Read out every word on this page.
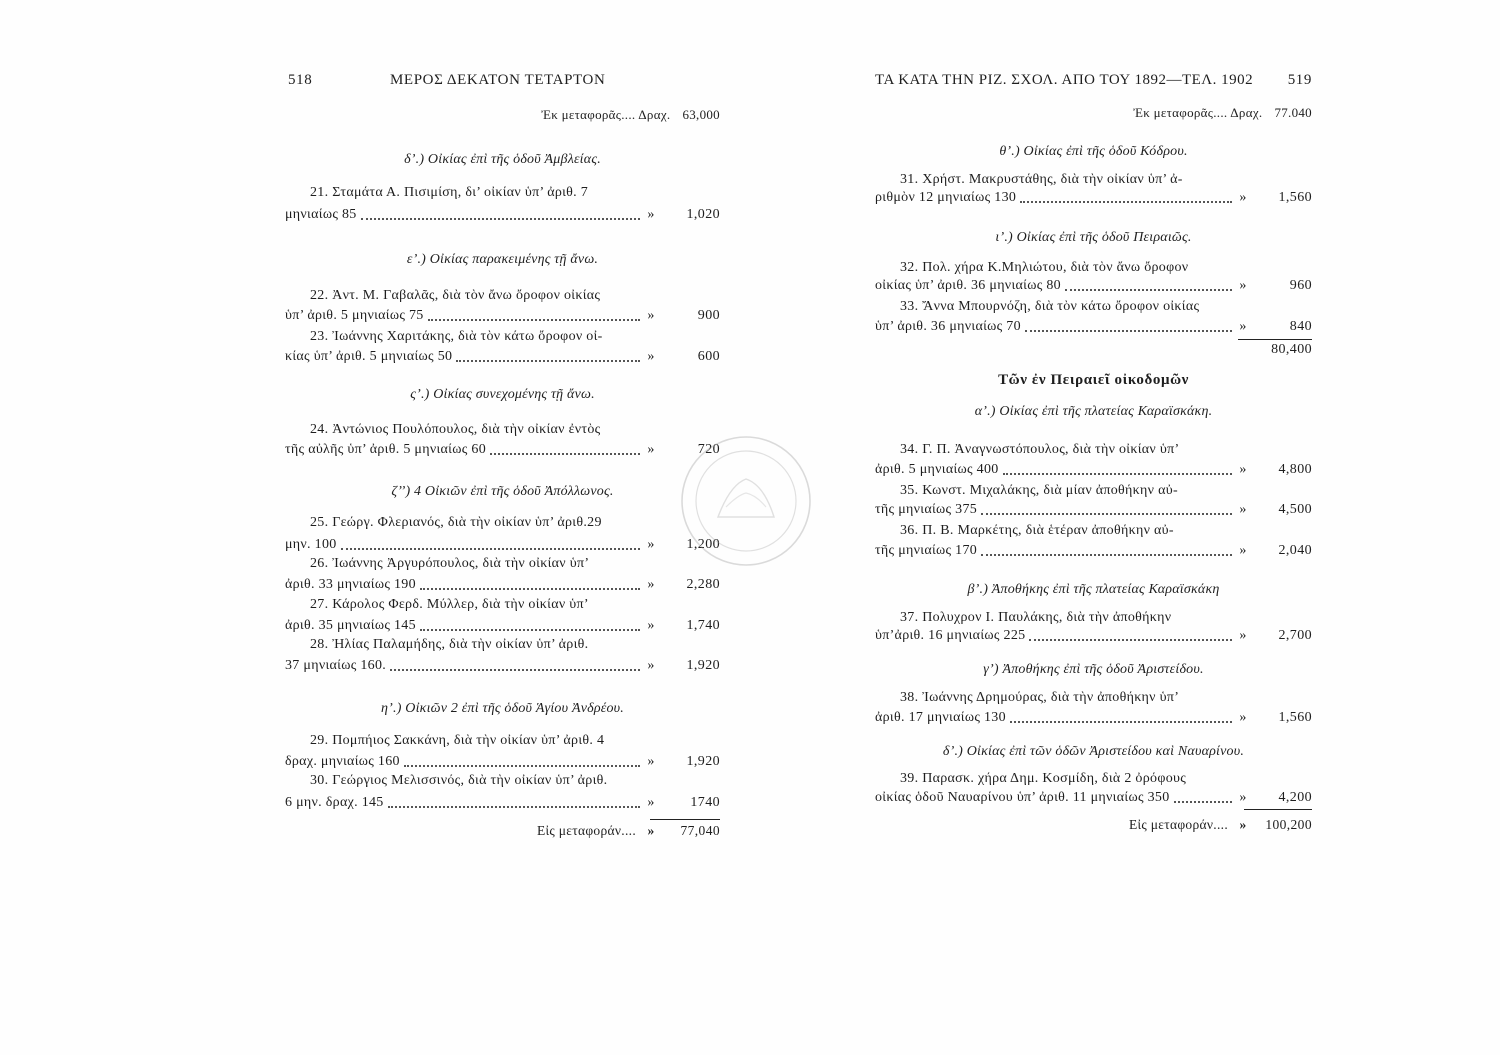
518	ΜΕΡΟΣ ΔΕΚΑΤΟΝ ΤΕΤΑΡΤΟΝ
Ἐκ μεταφορᾶς.... Δραχ. 63,000
δ’.) Οἰκίας ἐπὶ τῆς ὁδοῦ Ἀμβλείας.
21. Σταμάτα Α. Πισιμίση, δι’ οἰκίαν ὑπ’ ἀριθ. 7
μηνιαίως 85	»	1,020
ε’.) Οἰκίας παρακειμένης τῇ ἄνω.
22. Ἀντ. Μ. Γαβαλᾶς, διὰ τὸν ἄνω ὄροφον οἰκίας
ὑπ’ ἀριθ. 5 μηνιαίως 75	»	900
23. Ἰωάννης Χαριτάκης, διὰ τὸν κάτω ὄροφον οἰ-
κίας ὑπ’ ἀριθ. 5 μηνιαίως 50	»	600
ς’.) Οἰκίας συνεχομένης τῇ ἄνω.
24. Ἀντώνιος Πουλόπουλος, διὰ τὴν οἰκίαν ἐντὸς
τῆς αὐλῆς ὑπ’ ἀριθ. 5 μηνιαίως 60	»	720
ζ’’) 4 Οἰκιῶν ἐπὶ τῆς ὁδοῦ Ἀπόλλωνος.
25. Γεώργ. Φλεριανός, διὰ τὴν οἰκίαν ὑπ’ ἀριθ.29
μην. 100	»	1,200
26. Ἰωάννης Ἀργυρόπουλος, διὰ τὴν οἰκίαν ὑπ’
ἀριθ. 33 μηνιαίως 190	»	2,280
27. Κάρολος Φερδ. Μύλλερ, διὰ τὴν οἰκίαν ὑπ’
ἀριθ. 35 μηνιαίως 145	»	1,740
28. Ἠλίας Παλαμήδης, διὰ τὴν οἰκίαν ὑπ’ ἀριθ.
37 μηνιαίως 160.	»	1,920
η’.) Οἰκιῶν 2 ἐπὶ τῆς ὁδοῦ Ἁγίου Ἀνδρέου.
29. Πομπήιος Σακκάνη, διὰ τὴν οἰκίαν ὑπ’ ἀριθ. 4
δραχ. μηνιαίως 160	»	1,920
30. Γεώργιος Μελισσινός, διὰ τὴν οἰκίαν ὑπ’ ἀριθ.
6 μην. δραχ. 145	»	1740
Εἰς μεταφοράν.... »	77,040
ΤΑ ΚΑΤΑ ΤΗΝ ΡΙΖ. ΣΧΟΛ. ΑΠΟ ΤΟΥ 1892—ΤΕΛ. 1902 519
Ἐκ μεταφορᾶς.... Δραχ. 77.040
θ’.) Οἰκίας ἐπὶ τῆς ὁδοῦ Κόδρου.
31. Χρήστ. Μακρυστάθης, διὰ τὴν οἰκίαν ὑπ’ ἀ-
ριθμὸν 12 μηνιαίως 130	»	1,560
ι’.) Οἰκίας ἐπὶ τῆς ὁδοῦ Πειραιῶς.
32. Πολ. χήρα Κ.Μηλιώτου, διὰ τὸν ἄνω ὄροφον
οἰκίας ὑπ’ ἀριθ. 36 μηνιαίως 80	»	960
33. Ἄννα Μπουρνόζη, διὰ τὸν κάτω ὄροφον οἰκίας
ὑπ’ ἀριθ. 36 μηνιαίως 70	»	840
80,400
Τῶν ἐν Πειραιεῖ οἰκοδομῶν
α’.) Οἰκίας ἐπὶ τῆς πλατείας Καραϊσκάκη.
34. Γ. Π. Ἀναγνωστόπουλος, διὰ τὴν οἰκίαν ὑπ’
ἀριθ. 5 μηνιαίως 400	»	4,800
35. Κωνστ. Μιχαλάκης, διὰ μίαν ἀποθήκην αὐ-
τῆς μηνιαίως 375	»	4,500
36. Π. Β. Μαρκέτης, διὰ ἑτέραν ἀποθήκην αὐ-
τῆς μηνιαίως 170	»	2,040
β’.) Ἀποθήκης ἐπὶ τῆς πλατείας Καραϊσκάκη
37. Πολυχρον Ι. Παυλάκης, διὰ τὴν ἀποθήκην
ὑπ’ἀριθ. 16 μηνιαίως 225	»	2,700
γ’) Ἀποθήκης ἐπὶ τῆς ὁδοῦ Ἀριστείδου.
38. Ἰωάννης Δρημούρας, διὰ τὴν ἀποθήκην ὑπ’
ἀριθ. 17 μηνιαίως 130	»	1,560
δ’.) Οἰκίας ἐπὶ τῶν ὁδῶν Ἀριστείδου καὶ Ναυαρίνου.
39. Παρασκ. χήρα Δημ. Κοσμίδη, διὰ 2 ὀρόφους
οἰκίας ὁδοῦ Ναυαρίνου ὑπ’ ἀριθ. 11 μηνιαίως 350	»	4,200
Εἰς μεταφοράν.... »	100,200
